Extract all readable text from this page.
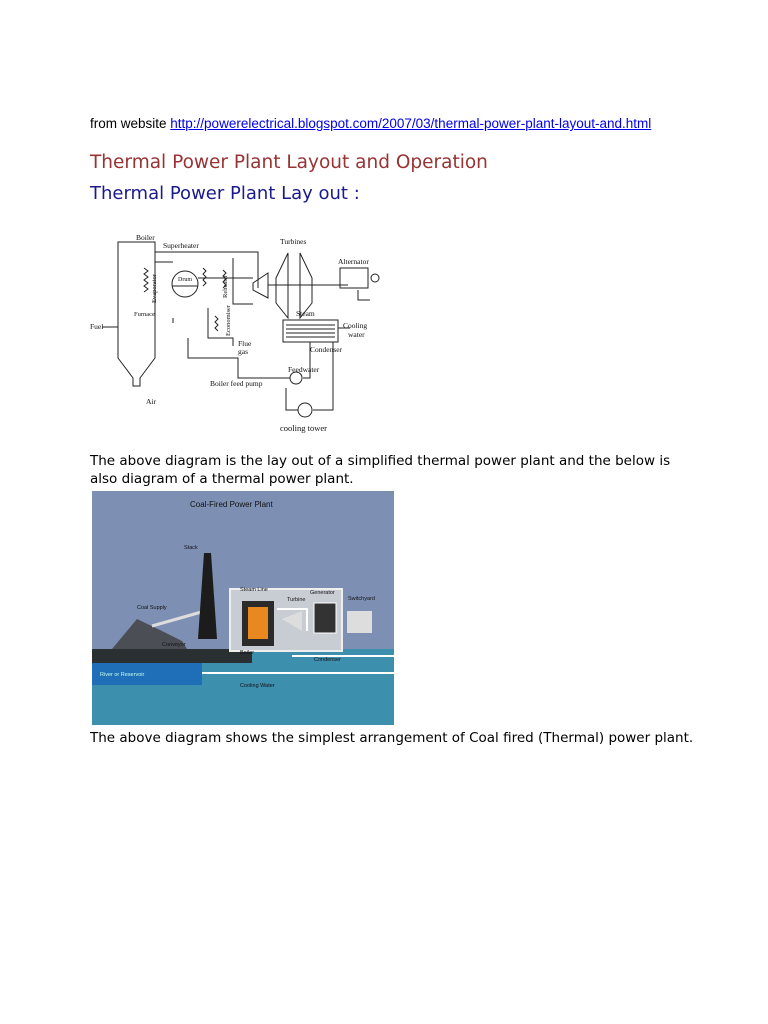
from website http://powerelectrical.blogspot.com/2007/03/thermal-power-plant-layout-and.html
Thermal Power Plant Layout and Operation
Thermal Power Plant Lay out :
Boiler
Superheater
Drum
Evaporator
Furnace
Fuel
Air
Reheater
Economiser
Flue
gas
Turbines
Alternator
Steam
Cooling
water
Condenser
Feedwater
Boiler feed pump
cooling tower
The above diagram is the lay out of a simplified thermal power plant and the below is also diagram of a thermal power plant.
Coal-Fired Power Plant
Stack
Coal Supply
Steam Line	Generator
Turbine	Switchyard
Conveyor
Boiler
Condenser
River or Reservoir
Cooling Water
The above diagram shows the simplest arrangement of Coal fired (Thermal) power plant.
